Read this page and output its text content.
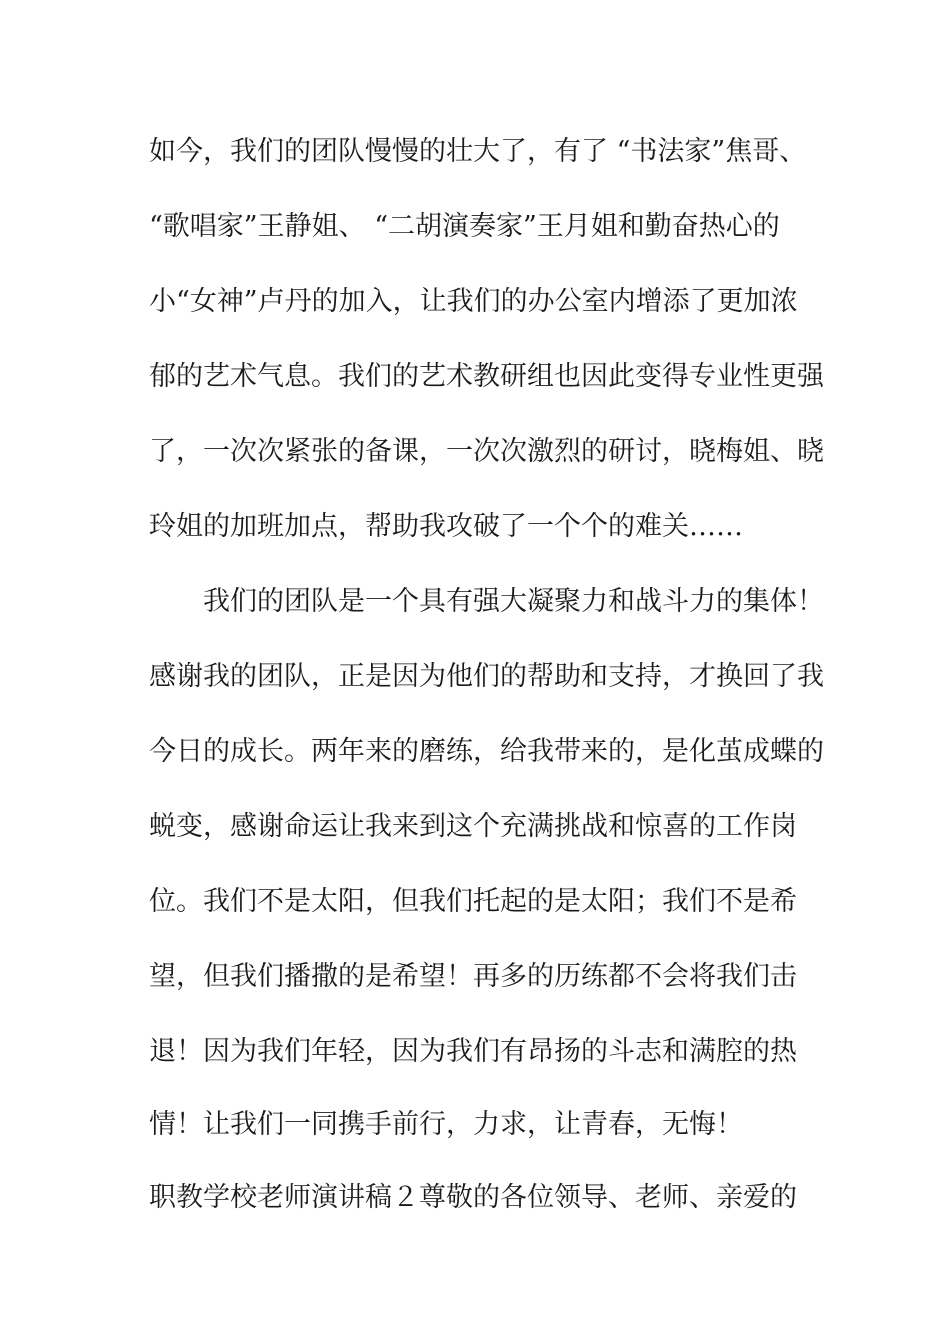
如今，我们的团队慢慢的壮大了，有了 “书法家”焦哥、
“歌唱家”王静姐、 “二胡演奏家”王月姐和勤奋热心的
小“女神”卢丹的加入，让我们的办公室内增添了更加浓
郁的艺术气息。我们的艺术教研组也因此变得专业性更强
了，一次次紧张的备课，一次次激烈的研讨，晓梅姐、晓
玲姐的加班加点，帮助我攻破了一个个的难关……
我们的团队是一个具有强大凝聚力和战斗力的集体！
感谢我的团队，正是因为他们的帮助和支持，才换回了我
今日的成长。两年来的磨练，给我带来的，是化茧成蝶的
蜕变，感谢命运让我来到这个充满挑战和惊喜的工作岗
位。我们不是太阳，但我们托起的是太阳；我们不是希
望，但我们播撒的是希望！再多的历练都不会将我们击
退！因为我们年轻，因为我们有昂扬的斗志和满腔的热
情！让我们一同携手前行，力求，让青春，无悔！
职教学校老师演讲稿２尊敬的各位领导、老师、亲爱的
